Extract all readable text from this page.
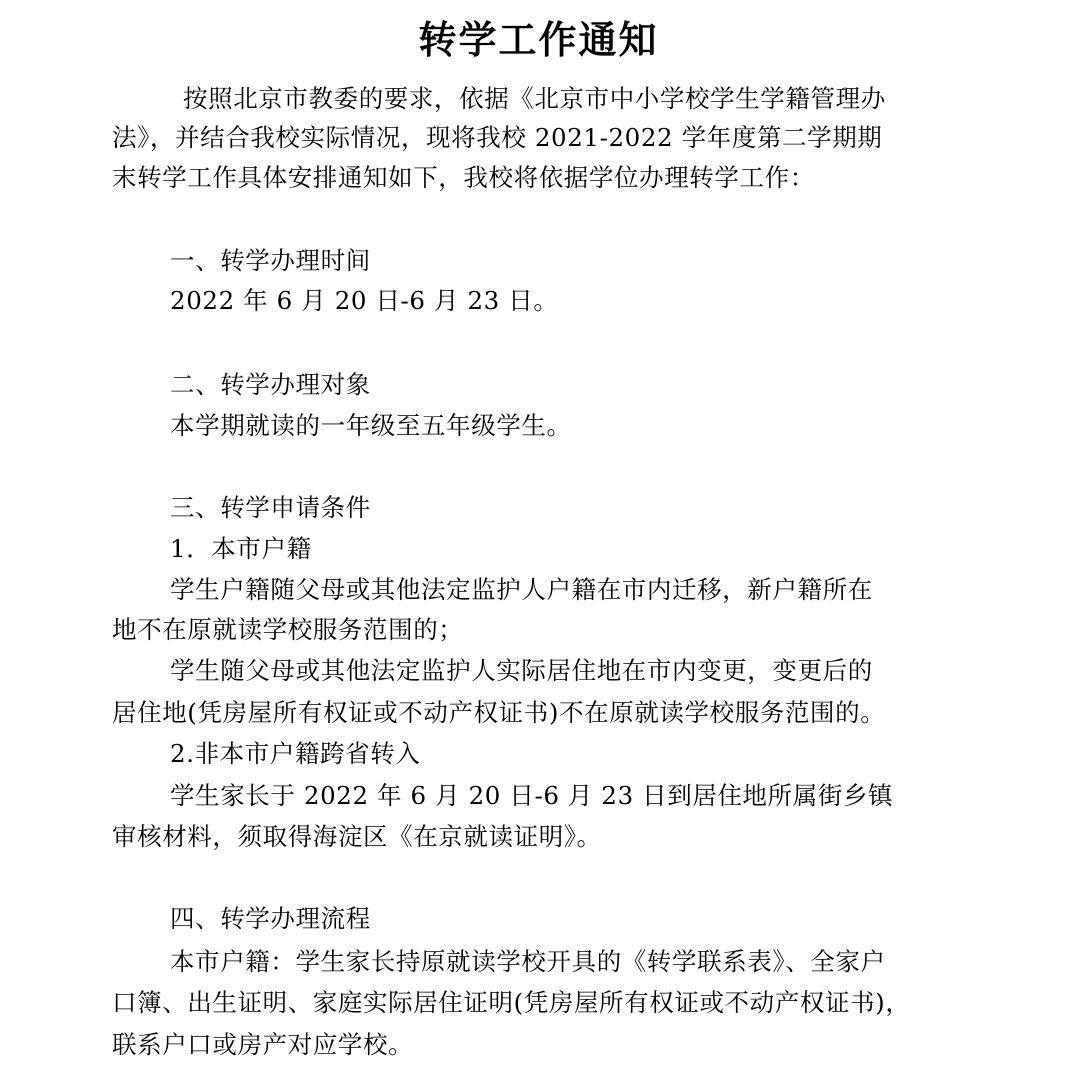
转学工作通知
按照北京市教委的要求，依据《北京市中小学校学生学籍管理办
法》，并结合我校实际情况，现将我校 2021-2022 学年度第二学期期
末转学工作具体安排通知如下，我校将依据学位办理转学工作：
一、转学办理时间
2022 年 6 月 20 日-6 月 23 日。
二、转学办理对象
本学期就读的一年级至五年级学生。
三、转学申请条件
1．本市户籍
学生户籍随父母或其他法定监护人户籍在市内迁移，新户籍所在
地不在原就读学校服务范围的；
学生随父母或其他法定监护人实际居住地在市内变更，变更后的
居住地(凭房屋所有权证或不动产权证书)不在原就读学校服务范围的。
2.非本市户籍跨省转入
学生家长于 2022 年 6 月 20 日-6 月 23 日到居住地所属街乡镇
审核材料，须取得海淀区《在京就读证明》。
四、转学办理流程
本市户籍：学生家长持原就读学校开具的《转学联系表》、全家户
口簿、出生证明、家庭实际居住证明(凭房屋所有权证或不动产权证书)，
联系户口或房产对应学校。
